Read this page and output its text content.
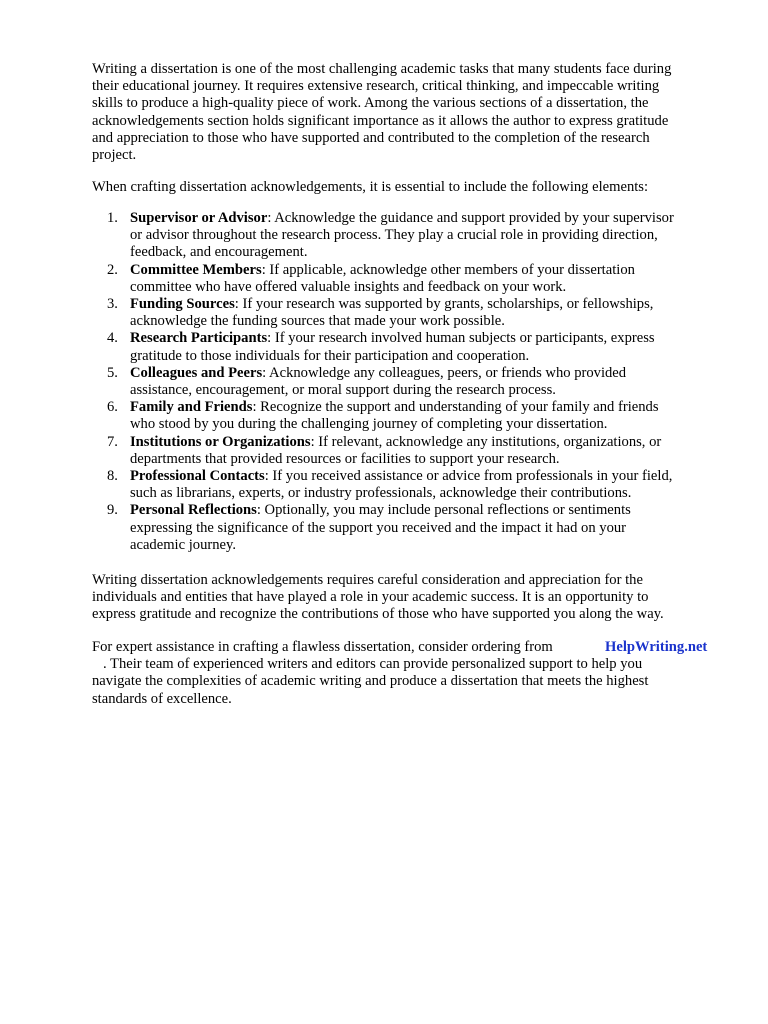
Writing a dissertation is one of the most challenging academic tasks that many students face during
their educational journey. It requires extensive research, critical thinking, and impeccable writing
skills to produce a high-quality piece of work. Among the various sections of a dissertation, the
acknowledgements section holds significant importance as it allows the author to express gratitude
and appreciation to those who have supported and contributed to the completion of the research
project.
When crafting dissertation acknowledgements, it is essential to include the following elements:
1. Supervisor or Advisor: Acknowledge the guidance and support provided by your supervisor
or advisor throughout the research process. They play a crucial role in providing direction,
feedback, and encouragement.
2. Committee Members: If applicable, acknowledge other members of your dissertation
committee who have offered valuable insights and feedback on your work.
3. Funding Sources: If your research was supported by grants, scholarships, or fellowships,
acknowledge the funding sources that made your work possible.
4. Research Participants: If your research involved human subjects or participants, express
gratitude to those individuals for their participation and cooperation.
5. Colleagues and Peers: Acknowledge any colleagues, peers, or friends who provided
assistance, encouragement, or moral support during the research process.
6. Family and Friends: Recognize the support and understanding of your family and friends
who stood by you during the challenging journey of completing your dissertation.
7. Institutions or Organizations: If relevant, acknowledge any institutions, organizations, or
departments that provided resources or facilities to support your research.
8. Professional Contacts: If you received assistance or advice from professionals in your field,
such as librarians, experts, or industry professionals, acknowledge their contributions.
9. Personal Reflections: Optionally, you may include personal reflections or sentiments
expressing the significance of the support you received and the impact it had on your
academic journey.
Writing dissertation acknowledgements requires careful consideration and appreciation for the
individuals and entities that have played a role in your academic success. It is an opportunity to
express gratitude and recognize the contributions of those who have supported you along the way.
For expert assistance in crafting a flawless dissertation, consider ordering from
. Their team of experienced writers and editors can provide personalized support to help you
navigate the complexities of academic writing and produce a dissertation that meets the highest
standards of excellence.
HelpWriting.net
